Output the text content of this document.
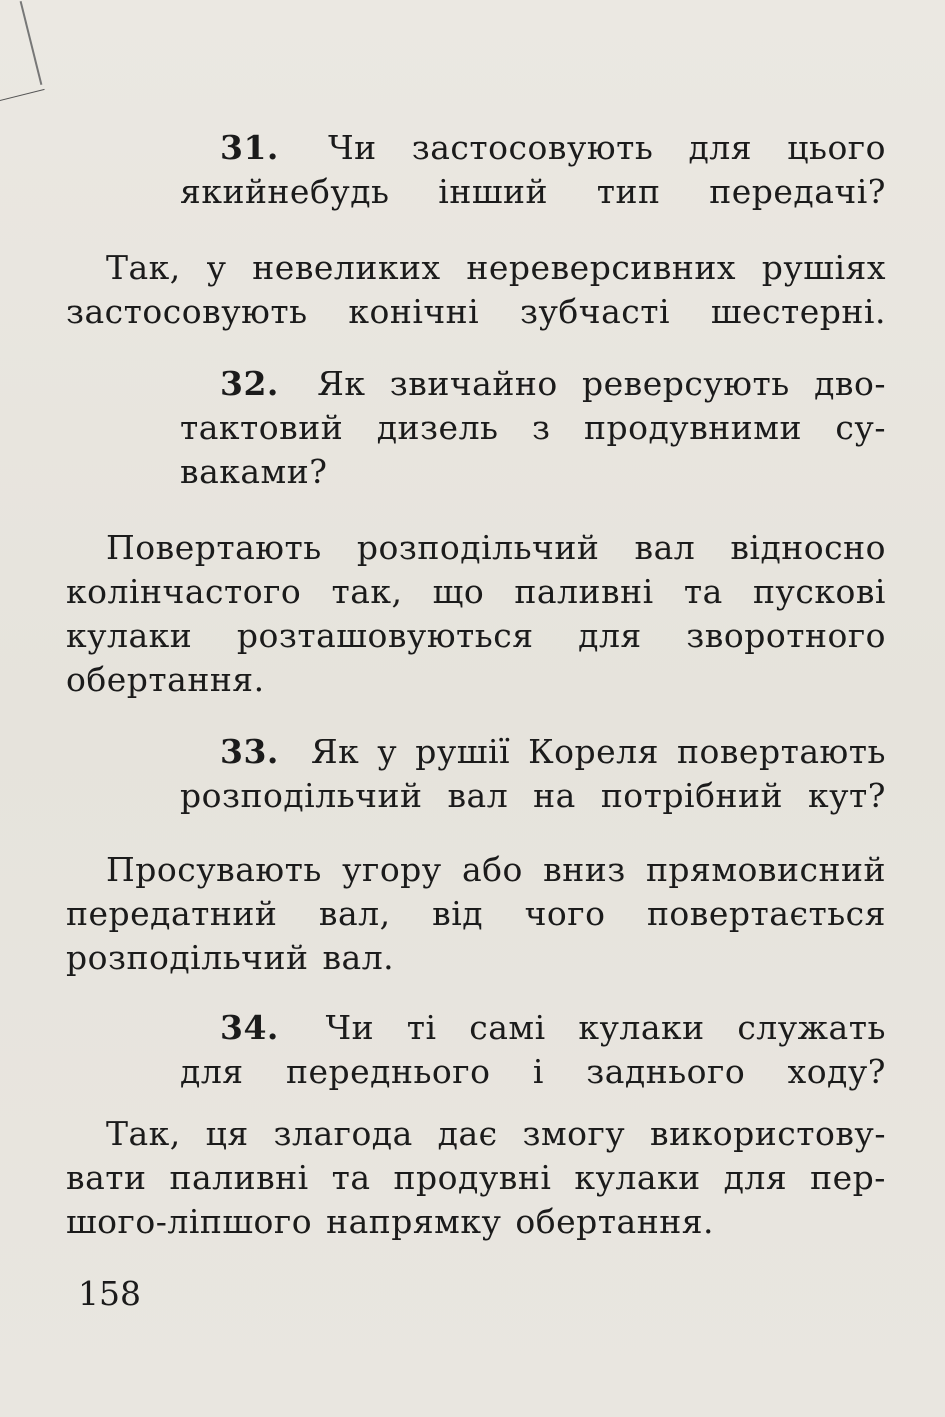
31. Чи застосовують для цього
якийнебудь інший тип передачі?
Так, у невеликих нереверсивних рушіях
застосовують конічні зубчасті шестерні.
32. Як звичайно реверсують дво-
тактовий дизель з продувними су-
ваками?
Повертають розподільчий вал відносно
колінчастого так, що паливні та пускові
кулаки розташовуються для зворотного
обертання.
33. Як у рушії Кореля повертають
розподільчий вал на потрібний кут?
Просувають угору або вниз прямовисний
передатний вал, від чого повертається
розподільчий вал.
34. Чи ті самі кулаки служать
для переднього і заднього ходу?
Так, ця злагода дає змогу використову-
вати паливні та продувні кулаки для пер-
шого-ліпшого напрямку обертання.
158
